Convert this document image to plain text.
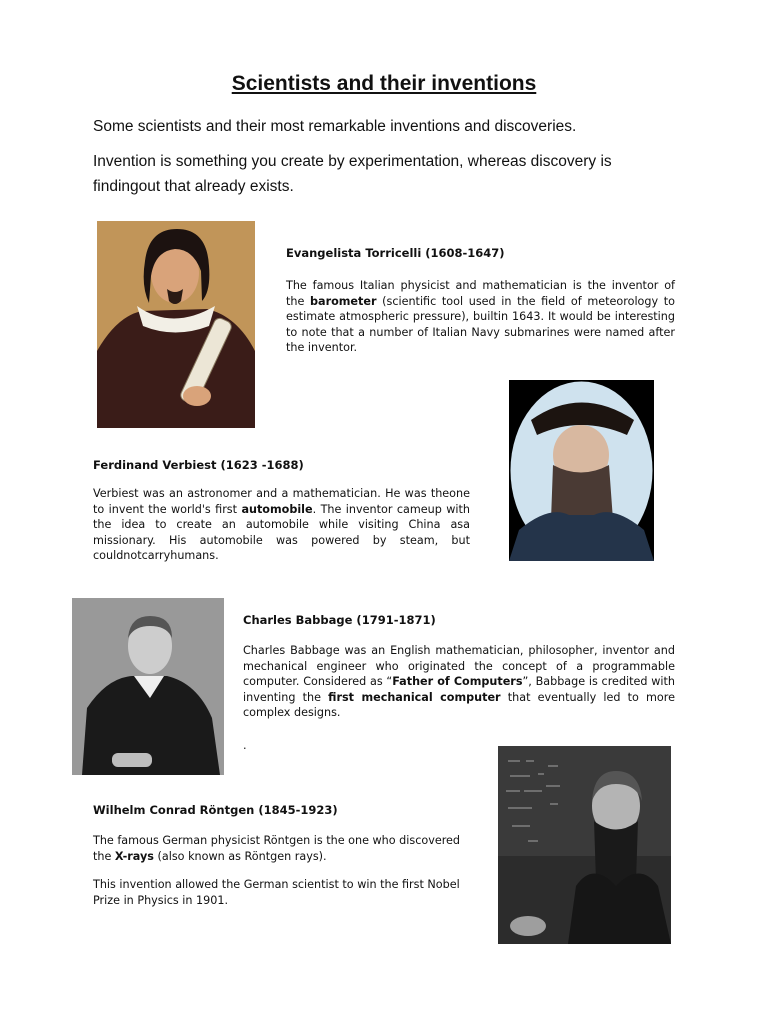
Scientists and their inventions
Some scientists and their most remarkable inventions and discoveries.
Invention is something you create by experimentation, whereas discovery is findingout that already exists.
Evangelista Torricelli (1608-1647)
The famous Italian physicist and mathematician is the inventor of the barometer (scientific tool used in the field of meteorology to estimate atmospheric pressure), builtin 1643. It would be interesting to note that a number of Italian Navy submarines were named after the inventor.
Ferdinand Verbiest (1623 -1688)
Verbiest was an astronomer and a mathematician. He was theone to invent the world's first automobile. The inventor cameup with the idea to create an automobile while visiting China asa missionary. His automobile was powered by steam, but couldnotcarryhumans.
Charles Babbage (1791-1871)
Charles Babbage was an English mathematician, philosopher, inventor and mechanical engineer who originated the concept of a programmable computer. Considered as “Father of Computers”, Babbage is credited with inventing the first mechanical computer that eventually led to more complex designs.
.
Wilhelm Conrad Röntgen (1845-1923)
The famous German physicist Röntgen is the one who discovered the X-rays (also known as Röntgen rays).
This invention allowed the German scientist to win the first Nobel Prize in Physics in 1901.
